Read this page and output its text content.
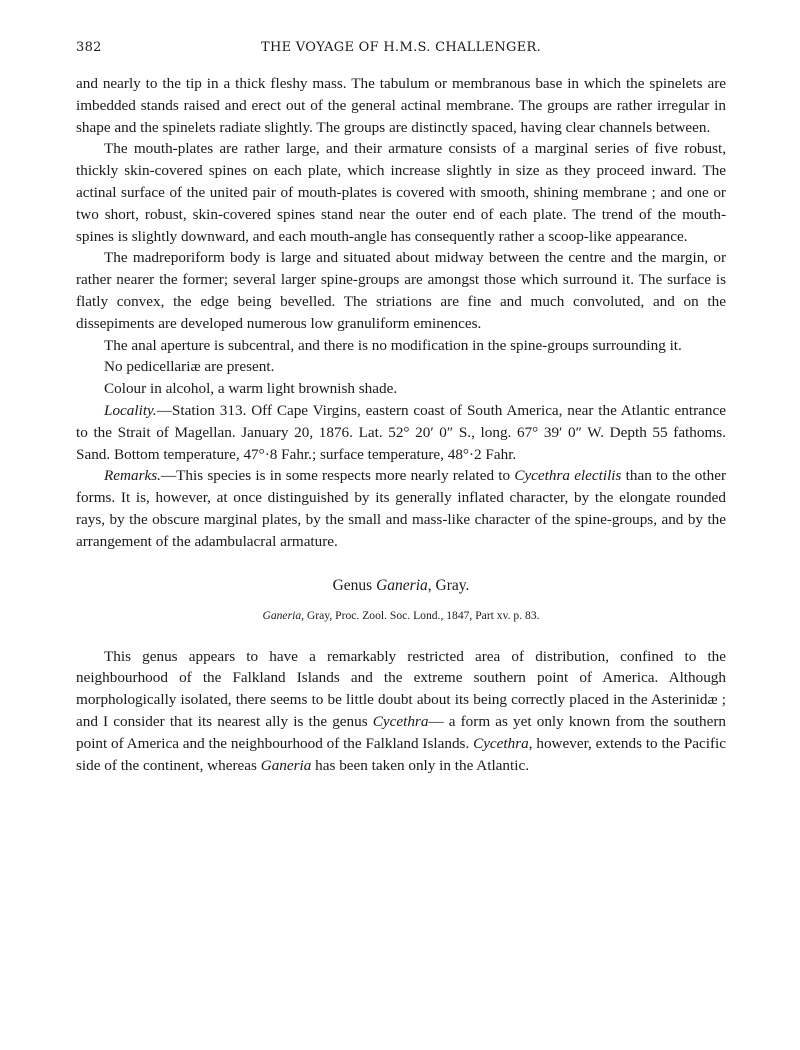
382	THE VOYAGE OF H.M.S. CHALLENGER.

and nearly to the tip in a thick fleshy mass. The tabulum or membranous base in which the spinelets are imbedded stands raised and erect out of the general actinal membrane. The groups are rather irregular in shape and the spinelets radiate slightly. The groups are distinctly spaced, having clear channels between.

The mouth-plates are rather large, and their armature consists of a marginal series of five robust, thickly skin-covered spines on each plate, which increase slightly in size as they proceed inward. The actinal surface of the united pair of mouth-plates is covered with smooth, shining membrane ; and one or two short, robust, skin-covered spines stand near the outer end of each plate. The trend of the mouth-spines is slightly downward, and each mouth-angle has consequently rather a scoop-like appearance.

The madreporiform body is large and situated about midway between the centre and the margin, or rather nearer the former; several larger spine-groups are amongst those which surround it. The surface is flatly convex, the edge being bevelled. The striations are fine and much convoluted, and on the dissepiments are developed numerous low granuliform eminences.

The anal aperture is subcentral, and there is no modification in the spine-groups surrounding it.

No pedicellariæ are present.

Colour in alcohol, a warm light brownish shade.

Locality.—Station 313. Off Cape Virgins, eastern coast of South America, near the Atlantic entrance to the Strait of Magellan. January 20, 1876. Lat. 52° 20′ 0″ S., long. 67° 39′ 0″ W. Depth 55 fathoms. Sand. Bottom temperature, 47°·8 Fahr.; surface temperature, 48°·2 Fahr.

Remarks.—This species is in some respects more nearly related to Cycethra electilis than to the other forms. It is, however, at once distinguished by its generally inflated character, by the elongate rounded rays, by the obscure marginal plates, by the small and mass-like character of the spine-groups, and by the arrangement of the adambulacral armature.

Genus Ganeria, Gray.
Ganeria, Gray, Proc. Zool. Soc. Lond., 1847, Part xv. p. 83.

This genus appears to have a remarkably restricted area of distribution, confined to the neighbourhood of the Falkland Islands and the extreme southern point of America. Although morphologically isolated, there seems to be little doubt about its being correctly placed in the Asterinidæ ; and I consider that its nearest ally is the genus Cycethra— a form as yet only known from the southern point of America and the neighbourhood of the Falkland Islands. Cycethra, however, extends to the Pacific side of the continent, whereas Ganeria has been taken only in the Atlantic.
